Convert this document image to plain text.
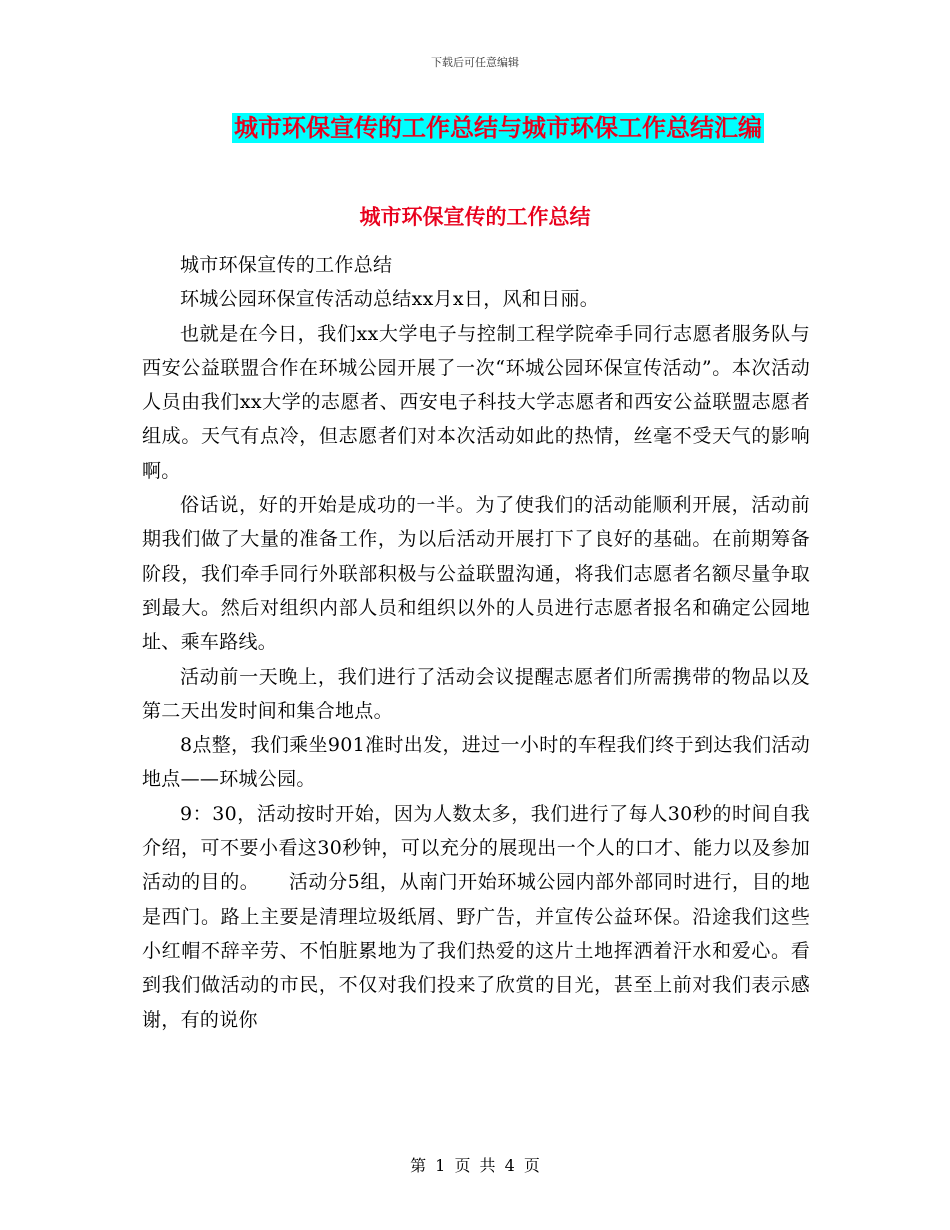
下载后可任意编辑
城市环保宣传的工作总结与城市环保工作总结汇编
城市环保宣传的工作总结

城市环保宣传的工作总结

环城公园环保宣传活动总结xx月x日，风和日丽。

也就是在今日，我们xx大学电子与控制工程学院牵手同行志愿者服务队与西安公益联盟合作在环城公园开展了一次“环城公园环保宣传活动”。本次活动人员由我们xx大学的志愿者、西安电子科技大学志愿者和西安公益联盟志愿者组成。天气有点冷，但志愿者们对本次活动如此的热情，丝毫不受天气的影响啊。

俗话说，好的开始是成功的一半。为了使我们的活动能顺利开展，活动前期我们做了大量的准备工作，为以后活动开展打下了良好的基础。在前期筹备阶段，我们牵手同行外联部积极与公益联盟沟通，将我们志愿者名额尽量争取到最大。然后对组织内部人员和组织以外的人员进行志愿者报名和确定公园地址、乘车路线。

活动前一天晚上，我们进行了活动会议提醒志愿者们所需携带的物品以及第二天出发时间和集合地点。

8点整，我们乘坐901准时出发，进过一小时的车程我们终于到达我们活动地点——环城公园。

9：30，活动按时开始，因为人数太多，我们进行了每人30秒的时间自我介绍，可不要小看这30秒钟，可以充分的展现出一个人的口才、能力以及参加活动的目的。　　活动分5组，从南门开始环城公园内部外部同时进行，目的地是西门。路上主要是清理垃圾纸屑、野广告，并宣传公益环保。沿途我们这些小红帽不辞辛劳、不怕脏累地为了我们热爱的这片土地挥洒着汗水和爱心。看到我们做活动的市民，不仅对我们投来了欣赏的目光，甚至上前对我们表示感谢，有的说你

第 1 页 共 4 页
